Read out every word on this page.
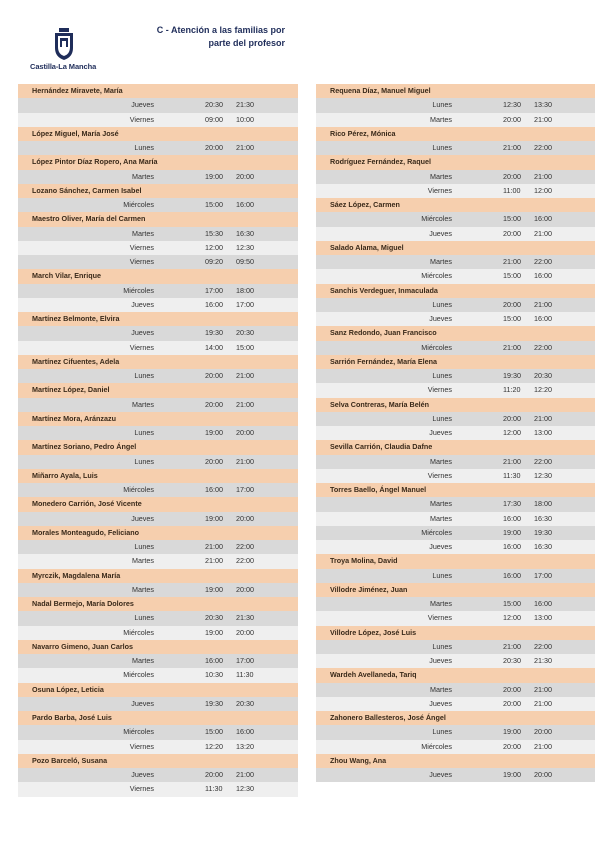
Castilla-La Mancha
C - Atención a las familias por
parte del profesor
Hernández Miravete, María
Jueves	20:30	21:30
Viernes	09:00	10:00
López Miguel, María José
Lunes	20:00	21:00
López Pintor Díaz Ropero, Ana María
Martes	19:00	20:00
Lozano Sánchez, Carmen Isabel
Miércoles	15:00	16:00
Maestro Oliver, María del Carmen
Martes	15:30	16:30
Viernes	12:00	12:30
Viernes	09:20	09:50
March Vilar, Enrique
Miércoles	17:00	18:00
Jueves	16:00	17:00
Martínez Belmonte, Elvira
Jueves	19:30	20:30
Viernes	14:00	15:00
Martínez Cifuentes, Adela
Lunes	20:00	21:00
Martínez López, Daniel
Martes	20:00	21:00
Martínez Mora, Aránzazu
Lunes	19:00	20:00
Martínez Soriano, Pedro Ángel
Lunes	20:00	21:00
Miñarro Ayala, Luis
Miércoles	16:00	17:00
Monedero Carrión, José Vicente
Jueves	19:00	20:00
Morales Monteagudo, Feliciano
Lunes	21:00	22:00
Martes	21:00	22:00
Myrczik, Magdalena María
Martes	19:00	20:00
Nadal Bermejo, María Dolores
Lunes	20:30	21:30
Miércoles	19:00	20:00
Navarro Gimeno, Juan Carlos
Martes	16:00	17:00
Miércoles	10:30	11:30
Osuna López, Leticia
Jueves	19:30	20:30
Pardo Barba, José Luis
Miércoles	15:00	16:00
Viernes	12:20	13:20
Pozo Barceló, Susana
Jueves	20:00	21:00
Viernes	11:30	12:30
Requena Díaz, Manuel Miguel
Lunes	12:30	13:30
Martes	20:00	21:00
Rico Pérez, Mónica
Lunes	21:00	22:00
Rodríguez Fernández, Raquel
Martes	20:00	21:00
Viernes	11:00	12:00
Sáez López, Carmen
Miércoles	15:00	16:00
Jueves	20:00	21:00
Salado Alama, Miguel
Martes	21:00	22:00
Miércoles	15:00	16:00
Sanchis Verdeguer, Inmaculada
Lunes	20:00	21:00
Jueves	15:00	16:00
Sanz Redondo, Juan Francisco
Miércoles	21:00	22:00
Sarrión Fernández, María Elena
Lunes	19:30	20:30
Viernes	11:20	12:20
Selva Contreras, María Belén
Lunes	20:00	21:00
Jueves	12:00	13:00
Sevilla Carrión, Claudia Dafne
Martes	21:00	22:00
Viernes	11:30	12:30
Torres Baello, Ángel Manuel
Martes	17:30	18:00
Martes	16:00	16:30
Miércoles	19:00	19:30
Jueves	16:00	16:30
Troya Molina, David
Lunes	16:00	17:00
Villodre Jiménez, Juan
Martes	15:00	16:00
Viernes	12:00	13:00
Villodre López, José Luis
Lunes	21:00	22:00
Jueves	20:30	21:30
Wardeh Avellaneda, Tariq
Martes	20:00	21:00
Jueves	20:00	21:00
Zahonero Ballesteros, José Ángel
Lunes	19:00	20:00
Miércoles	20:00	21:00
Zhou Wang, Ana
Jueves	19:00	20:00
